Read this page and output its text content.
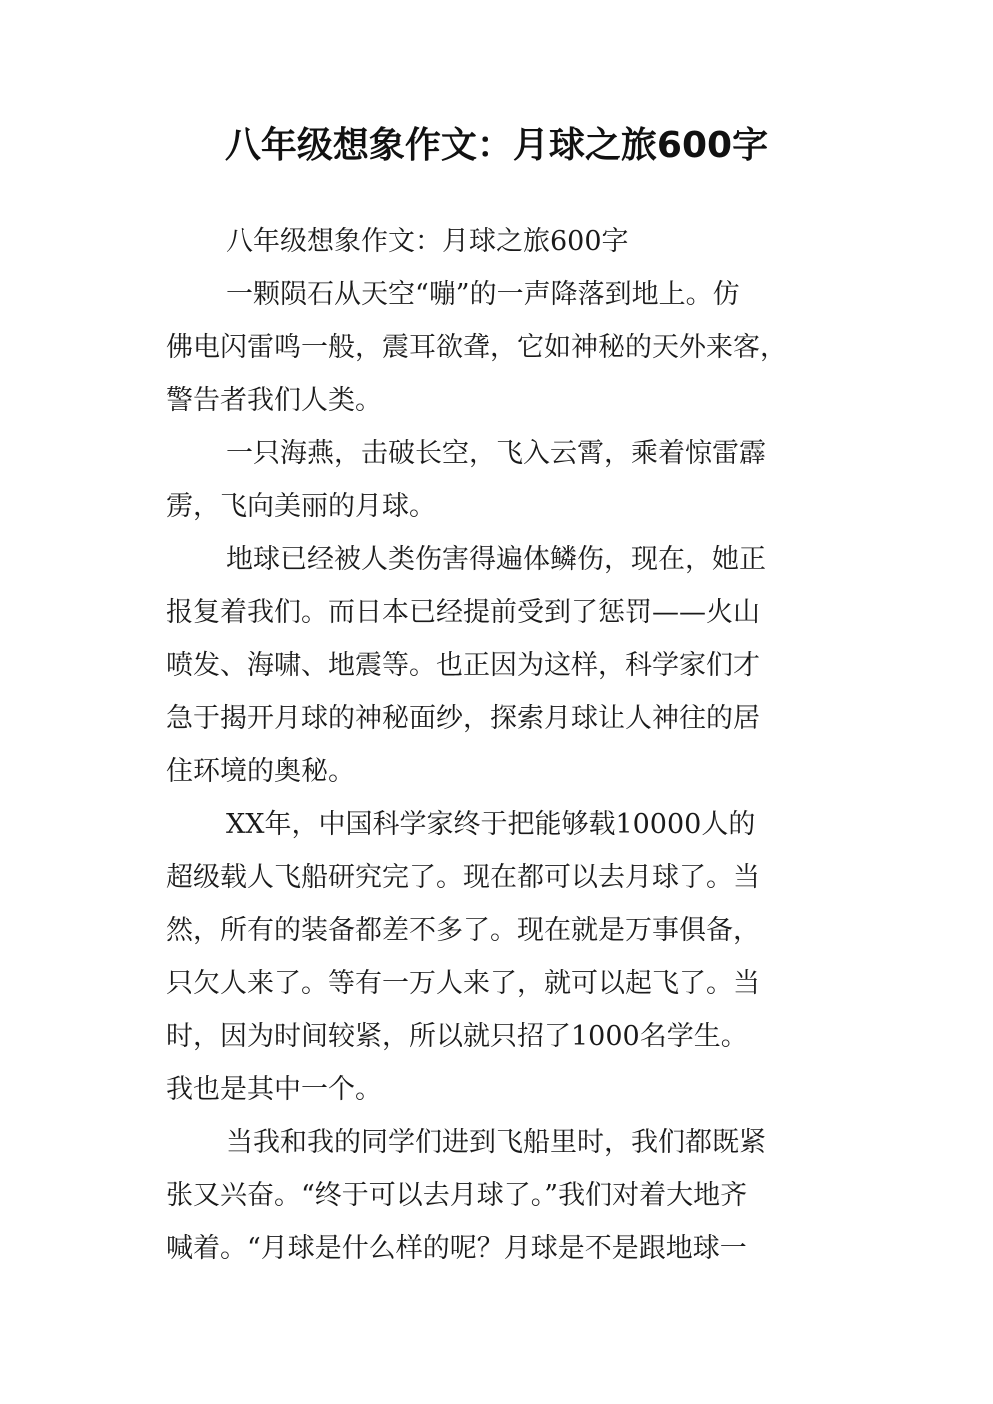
八年级想象作文：月球之旅600字

八年级想象作文：月球之旅600字

一颗陨石从天空“嘣”的一声降落到地上。仿
佛电闪雷鸣一般，震耳欲聋，它如神秘的天外来客，
警告者我们人类。

一只海燕，击破长空，飞入云霄，乘着惊雷霹
雳，飞向美丽的月球。

地球已经被人类伤害得遍体鳞伤，现在，她正
报复着我们。而日本已经提前受到了惩罚——火山
喷发、海啸、地震等。也正因为这样，科学家们才
急于揭开月球的神秘面纱，探索月球让人神往的居
住环境的奥秘。

XX年，中国科学家终于把能够载10000人的
超级载人飞船研究完了。现在都可以去月球了。当
然，所有的装备都差不多了。现在就是万事俱备，
只欠人来了。等有一万人来了，就可以起飞了。当
时，因为时间较紧，所以就只招了1000名学生。
我也是其中一个。

当我和我的同学们进到飞船里时，我们都既紧
张又兴奋。“终于可以去月球了。”我们对着大地齐
喊着。“月球是什么样的呢？月球是不是跟地球一
